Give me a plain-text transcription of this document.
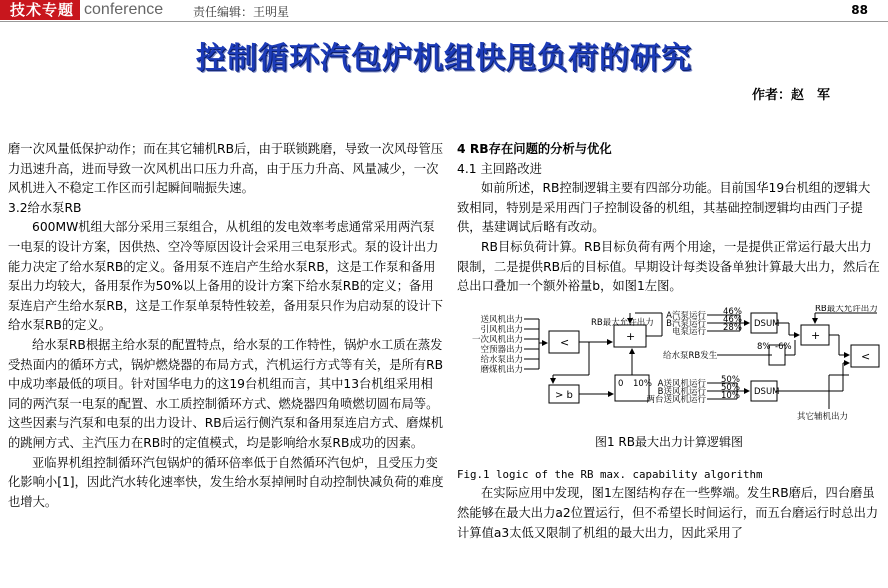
技术专题 conference 责任编辑：王明星	88
控制循环汽包炉机组快甩负荷的研究
作者：赵　军

磨一次风量低保护动作；而在其它辅机RB后，由于联锁跳磨，导致一次风母管压力迅速升高，进而导致一次风机出口压力升高，由于压力升高、风量减少，一次风机进入不稳定工作区而引起瞬间喘振失速。

3.2给水泵RB

600MW机组大部分采用三泵组合，从机组的发电效率考虑通常采用两汽泵一电泵的设计方案，因供热、空冷等原因设计会采用三电泵形式。泵的设计出力能力决定了给水泵RB的定义。备用泵不连启产生给水泵RB，这是工作泵和备用泵出力均较大，备用泵作为50%以上备用的设计方案下给水泵RB的定义；备用泵连启产生给水泵RB，这是工作泵单泵特性较差，备用泵只作为启动泵的设计下给水泵RB的定义。

给水泵RB根据主给水泵的配置特点，给水泵的工作特性，锅炉水工质在蒸发受热面内的循环方式，锅炉燃烧器的布局方式，汽机运行方式等有关，是所有RB中成功率最低的项目。针对国华电力的这19台机组而言，其中13台机组采用相同的两汽泵一电泵的配置、水工质控制循环方式、燃烧器四角喷燃切圆布局等。这些因素与汽泵和电泵的出力设计、RB后运行侧汽泵和备用泵连启方式、磨煤机的跳闸方式、主汽压力在RB时的定值模式，均是影响给水泵RB成功的因素。

亚临界机组控制循环汽包锅炉的循环倍率低于自然循环汽包炉，且受压力变化影响小[1]，因此汽水转化速率快，发生给水泵掉闸时自动控制快减负荷的难度也增大。

4 RB存在问题的分析与优化

4.1 主回路改进

如前所述，RB控制逻辑主要有四部分功能。目前国华19台机组的逻辑大致相同，特别是采用西门子控制设备的机组，其基础控制逻辑均由西门子提供，基建调试后略有改动。

RB目标负荷计算。RB目标负荷有两个用途，一是提供正常运行最大出力限制，二是提供RB后的目标值。早期设计每类设备单独计算最大出力，然后在总出口叠加一个额外裕量b，如图1左图。

送风机出力
引风机出力
一次风机出力
空预器出力
给水泵出力
磨煤机出力
RB最大允许出力
<	+
> b
0 10%
A汽泵运行
B汽泵运行
电泵运行
46%
46%
28% DSUM
DSUM
+
<
8% -6%
给水泵RB发生
A送风机运行
B送风机运行
两台送风机运行
50%
50%
10%
其它辅机出力
RB最大允许出力
图1 RB最大出力计算逻辑图

Fig.1 logic of the RB max. capability algorithm

在实际应用中发现，图1左图结构存在一些弊端。发生RB磨后，四台磨虽然能够在最大出力a2位置运行，但不希望长时间运行，而五台磨运行时总出力计算值a3太低又限制了机组的最大出力，因此采用了
